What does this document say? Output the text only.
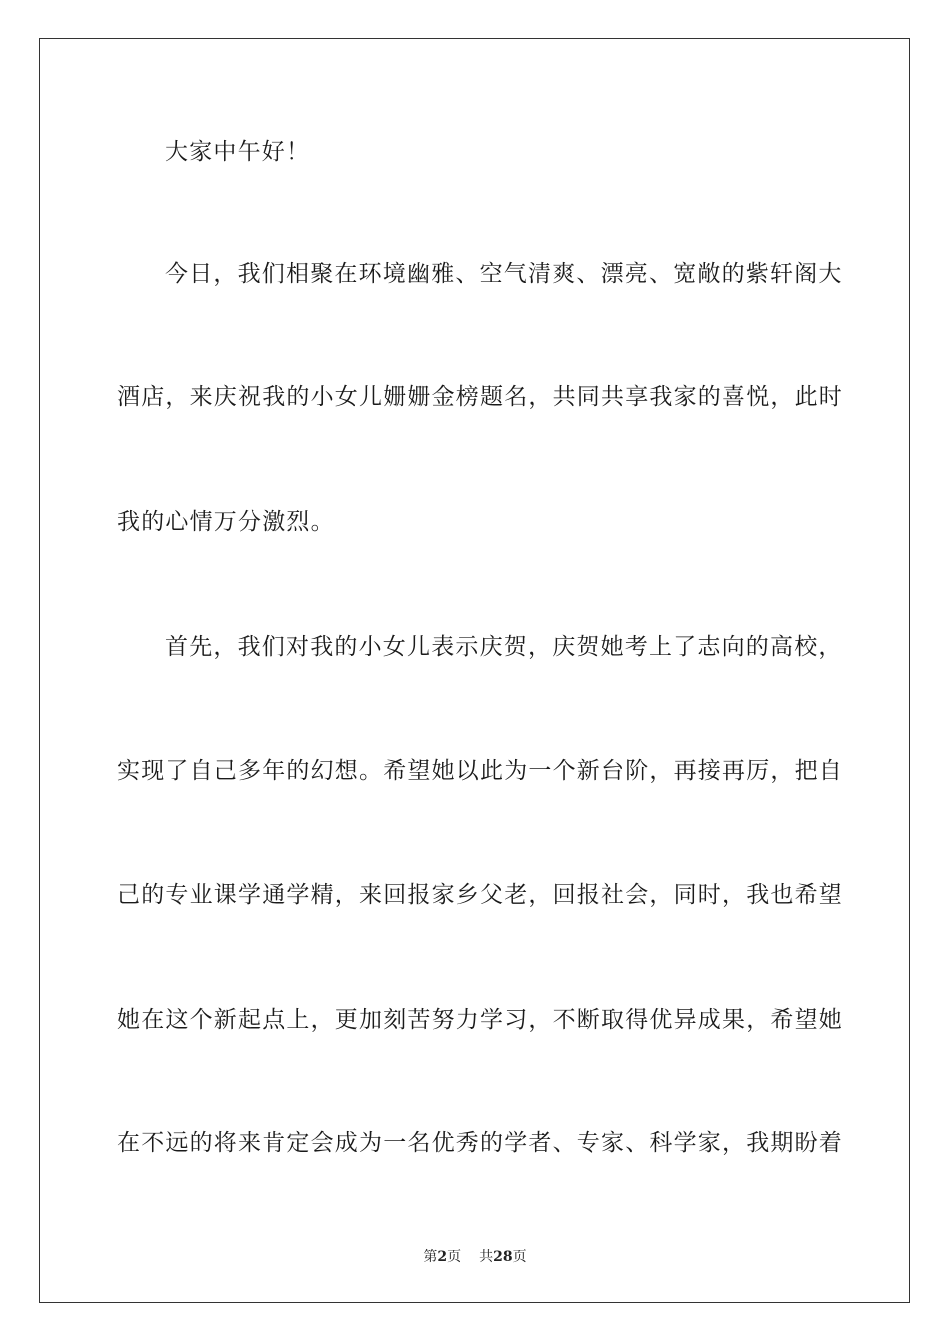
大家中午好！
今日，我们相聚在环境幽雅、空气清爽、漂亮、宽敞的紫轩阁大
酒店，来庆祝我的小女儿姗姗金榜题名，共同共享我家的喜悦，此时
我的心情万分激烈。
首先，我们对我的小女儿表示庆贺，庆贺她考上了志向的高校，
实现了自己多年的幻想。希望她以此为一个新台阶，再接再厉，把自
己的专业课学通学精，来回报家乡父老，回报社会，同时，我也希望
她在这个新起点上，更加刻苦努力学习，不断取得优异成果，希望她
在不远的将来肯定会成为一名优秀的学者、专家、科学家，我期盼着
第2页 共28页
